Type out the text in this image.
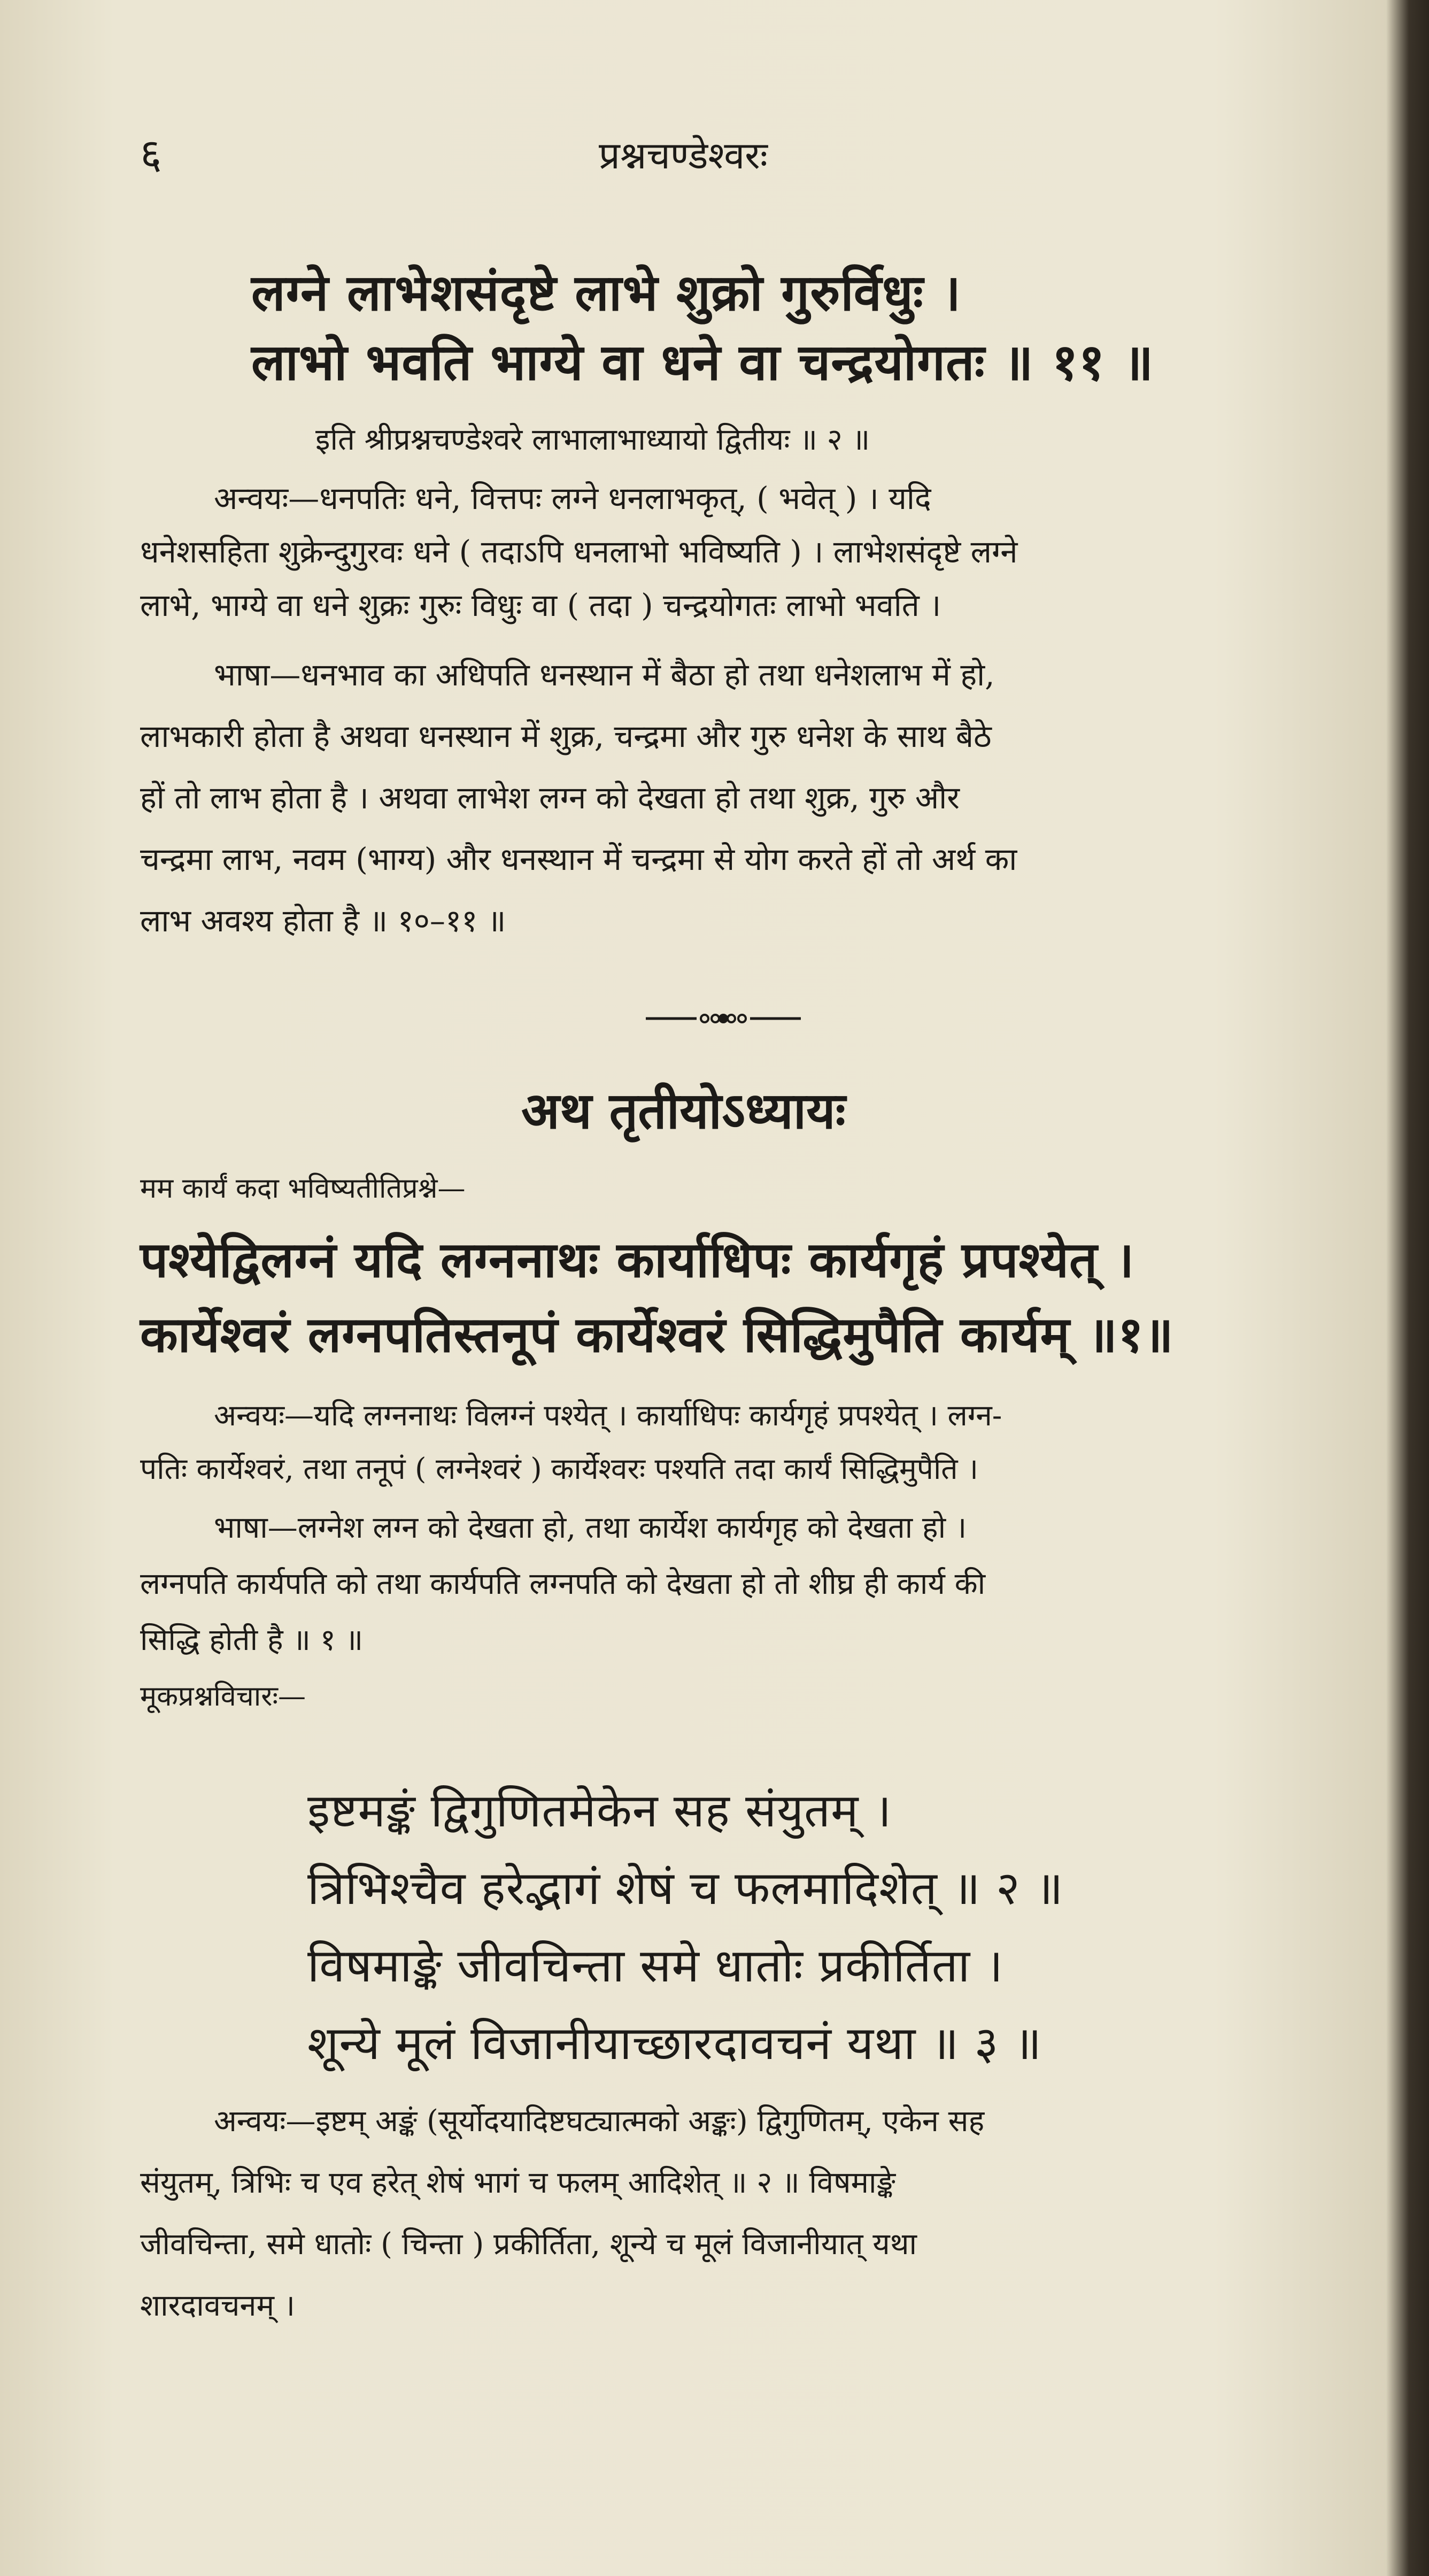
६	प्रश्नचण्डेश्वरः
लग्ने लाभेशसंदृष्टे लाभे शुक्रो गुरुर्विधुः ।
लाभो भवति भाग्ये वा धने वा चन्द्रयोगतः ॥ ११ ॥
इति श्रीप्रश्नचण्डेश्वरे लाभालाभाध्यायो द्वितीयः ॥ २ ॥
अन्वयः—धनपतिः धने, वित्तपः लग्ने धनलाभकृत्, ( भवेत् ) । यदि
धनेशसहिता शुक्रेन्दुगुरवः धने ( तदाऽपि धनलाभो भविष्यति ) । लाभेशसंदृष्टे लग्ने
लाभे, भाग्ये वा धने शुक्रः गुरुः विधुः वा ( तदा ) चन्द्रयोगतः लाभो भवति ।
भाषा—धनभाव का अधिपति धनस्थान में बैठा हो तथा धनेशलाभ में हो,
लाभकारी होता है अथवा धनस्थान में शुक्र, चन्द्रमा और गुरु धनेश के साथ बैठे
हों तो लाभ होता है । अथवा लाभेश लग्न को देखता हो तथा शुक्र, गुरु और
चन्द्रमा लाभ, नवम (भाग्य) और धनस्थान में चन्द्रमा से योग करते हों तो अर्थ का
लाभ अवश्य होता है ॥ १०–११ ॥
अथ तृतीयोऽध्यायः
मम कार्यं कदा भविष्यतीतिप्रश्ने—
पश्येद्विलग्नं यदि लग्ननाथः कार्याधिपः कार्यगृहं प्रपश्येत् ।
कार्येश्वरं लग्नपतिस्तनूपं कार्येश्वरं सिद्धिमुपैति कार्यम् ॥१॥
अन्वयः—यदि लग्ननाथः विलग्नं पश्येत् । कार्याधिपः कार्यगृहं प्रपश्येत् । लग्न-
पतिः कार्येश्वरं, तथा तनूपं ( लग्नेश्वरं ) कार्येश्वरः पश्यति तदा कार्यं सिद्धिमुपैति ।
भाषा—लग्नेश लग्न को देखता हो, तथा कार्येश कार्यगृह को देखता हो ।
लग्नपति कार्यपति को तथा कार्यपति लग्नपति को देखता हो तो शीघ्र ही कार्य की
सिद्धि होती है ॥ १ ॥
मूकप्रश्नविचारः—
इष्टमङ्कं द्विगुणितमेकेन सह संयुतम् ।
त्रिभिश्चैव हरेद्भागं शेषं च फलमादिशेत् ॥ २ ॥
विषमाङ्के जीवचिन्ता समे धातोः प्रकीर्तिता ।
शून्ये मूलं विजानीयाच्छारदावचनं यथा ॥ ३ ॥
अन्वयः—इष्टम् अङ्कं (सूर्योदयादिष्टघट्यात्मको अङ्कः) द्विगुणितम्, एकेन सह
संयुतम्, त्रिभिः च एव हरेत् शेषं भागं च फलम् आदिशेत् ॥ २ ॥ विषमाङ्के
जीवचिन्ता, समे धातोः ( चिन्ता ) प्रकीर्तिता, शून्ये च मूलं विजानीयात् यथा
शारदावचनम् ।
